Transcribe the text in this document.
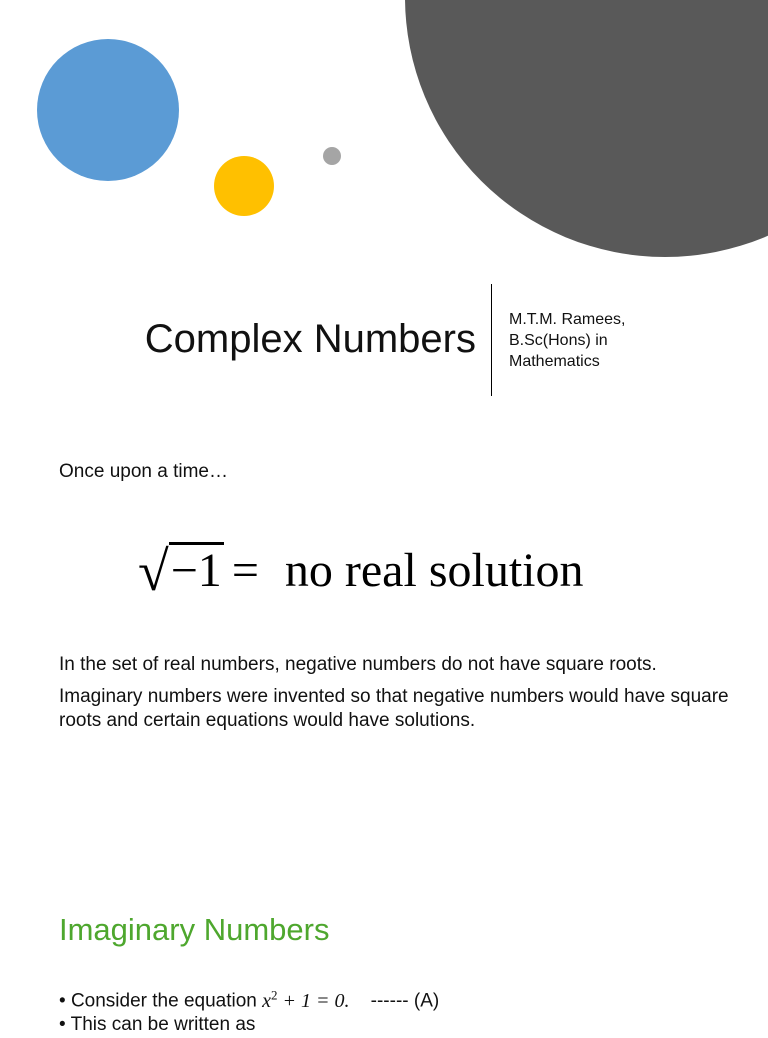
Complex Numbers M.T.M. Ramees,
B.Sc(Hons) in
Mathematics
Once upon a time…
√ −1 = no real solution
In the set of real numbers, negative numbers do not have square roots.
Imaginary numbers were invented so that negative numbers would have square roots and certain equations would have solutions.
Imaginary Numbers
• Consider the equation $x^2 + 1 = 0$. ------ (A)
• This can be written as
